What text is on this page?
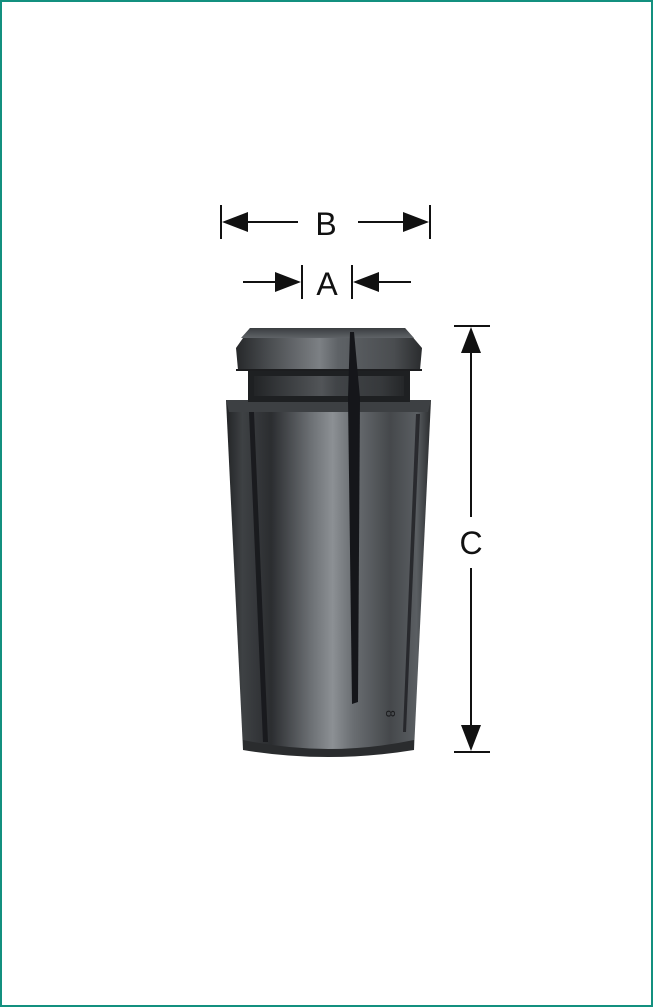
8
B
A
C
